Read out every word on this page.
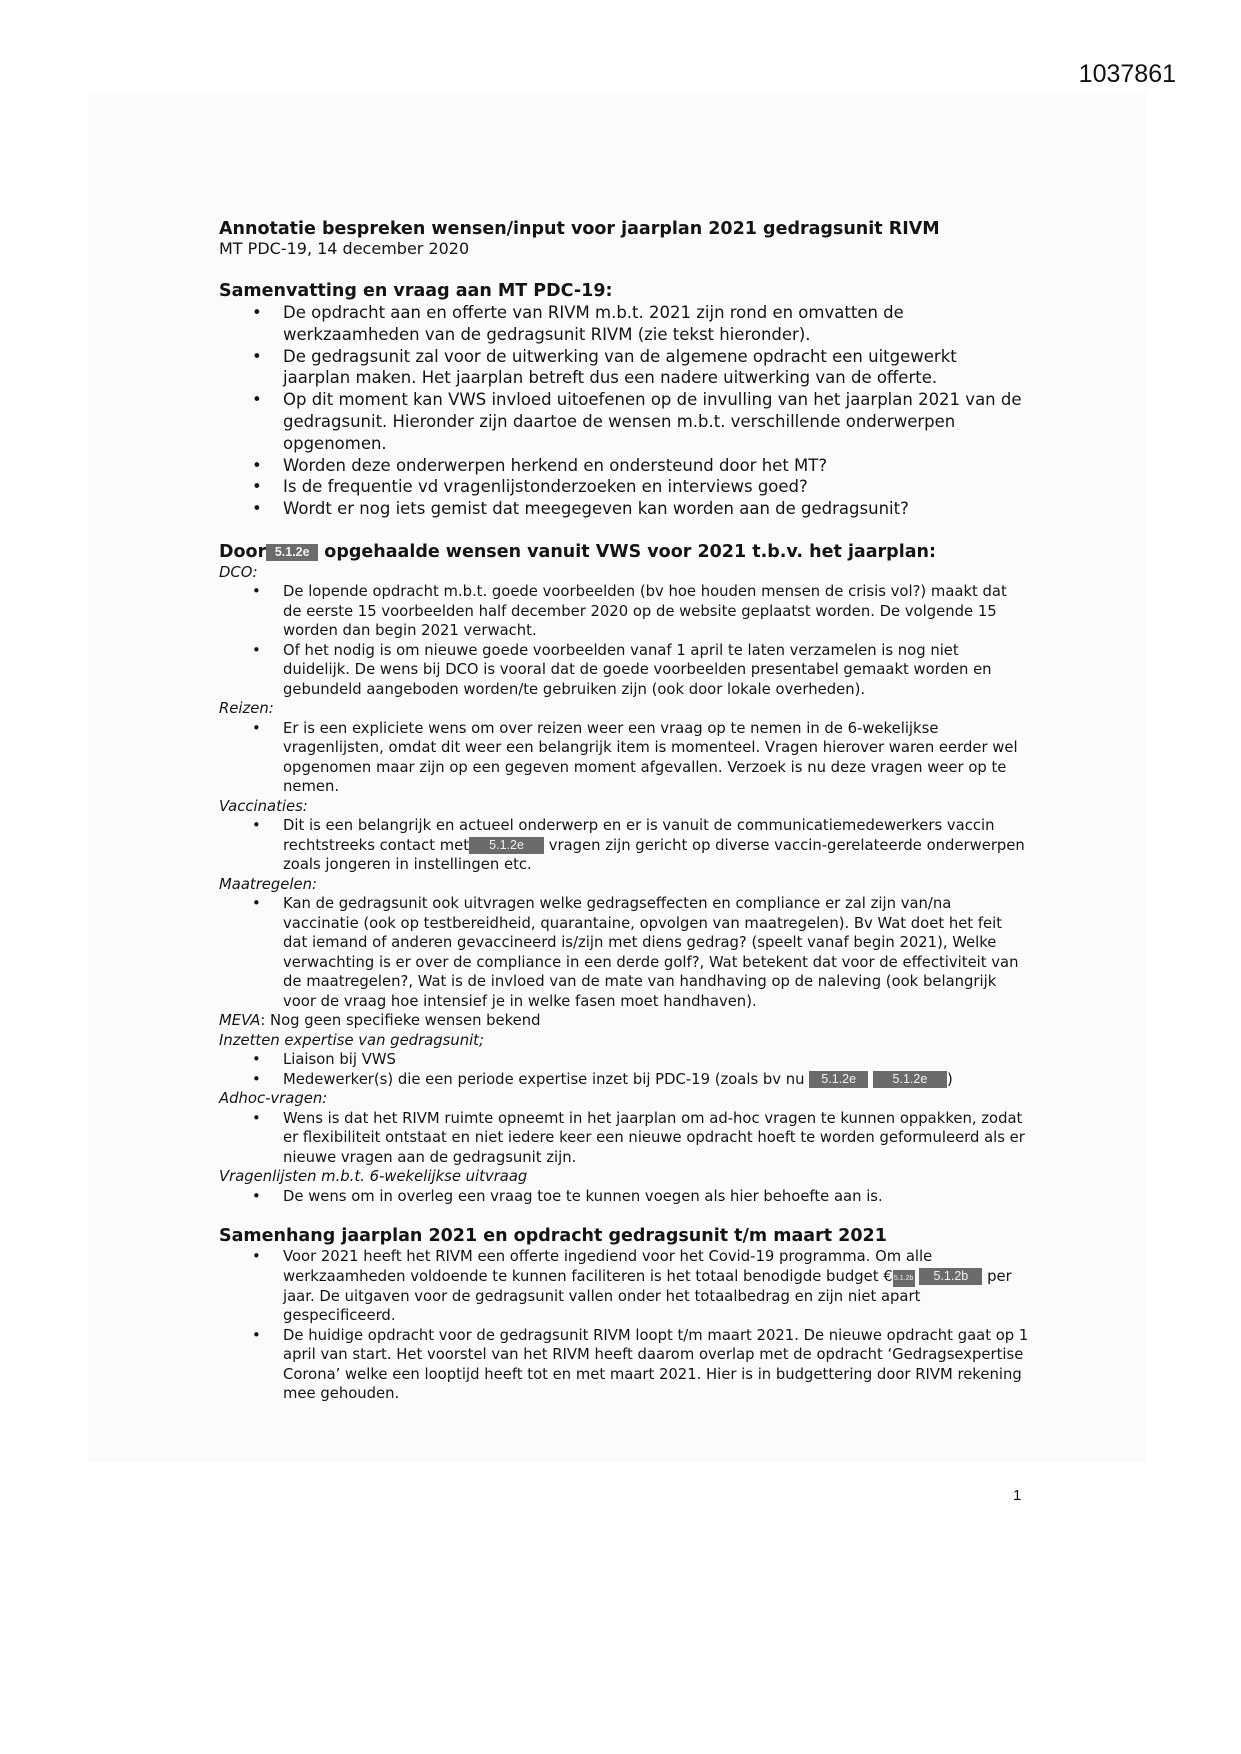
1037861
Annotatie bespreken wensen/input voor jaarplan 2021 gedragsunit RIVM
MT PDC-19, 14 december 2020
Samenvatting en vraag aan MT PDC-19:
• De opdracht aan en offerte van RIVM m.b.t. 2021 zijn rond en omvatten de werkzaamheden van de gedragsunit RIVM (zie tekst hieronder).
• De gedragsunit zal voor de uitwerking van de algemene opdracht een uitgewerkt jaarplan maken. Het jaarplan betreft dus een nadere uitwerking van de offerte.
• Op dit moment kan VWS invloed uitoefenen op de invulling van het jaarplan 2021 van de gedragsunit. Hieronder zijn daartoe de wensen m.b.t. verschillende onderwerpen opgenomen.
• Worden deze onderwerpen herkend en ondersteund door het MT?
• Is de frequentie vd vragenlijstonderzoeken en interviews goed?
• Wordt er nog iets gemist dat meegegeven kan worden aan de gedragsunit?
Door 5.1.2e opgehaalde wensen vanuit VWS voor 2021 t.b.v. het jaarplan:
DCO:
• De lopende opdracht m.b.t. goede voorbeelden (bv hoe houden mensen de crisis vol?) maakt dat de eerste 15 voorbeelden half december 2020 op de website geplaatst worden. De volgende 15 worden dan begin 2021 verwacht.
• Of het nodig is om nieuwe goede voorbeelden vanaf 1 april te laten verzamelen is nog niet duidelijk. De wens bij DCO is vooral dat de goede voorbeelden presentabel gemaakt worden en gebundeld aangeboden worden/te gebruiken zijn (ook door lokale overheden).
Reizen:
• Er is een expliciete wens om over reizen weer een vraag op te nemen in de 6-wekelijkse vragenlijsten, omdat dit weer een belangrijk item is momenteel. Vragen hierover waren eerder wel opgenomen maar zijn op een gegeven moment afgevallen. Verzoek is nu deze vragen weer op te nemen.
Vaccinaties:
• Dit is een belangrijk en actueel onderwerp en er is vanuit de communicatiemedewerkers vaccin rechtstreeks contact met 5.1.2e vragen zijn gericht op diverse vaccin-gerelateerde onderwerpen zoals jongeren in instellingen etc.
Maatregelen:
• Kan de gedragsunit ook uitvragen welke gedragseffecten en compliance er zal zijn van/na vaccinatie (ook op testbereidheid, quarantaine, opvolgen van maatregelen). Bv Wat doet het feit dat iemand of anderen gevaccineerd is/zijn met diens gedrag? (speelt vanaf begin 2021), Welke verwachting is er over de compliance in een derde golf?, Wat betekent dat voor de effectiviteit van de maatregelen?, Wat is de invloed van de mate van handhaving op de naleving (ook belangrijk voor de vraag hoe intensief je in welke fasen moet handhaven).
MEVA: Nog geen specifieke wensen bekend
Inzetten expertise van gedragsunit;
• Liaison bij VWS
• Medewerker(s) die een periode expertise inzet bij PDC-19 (zoals bv nu 5.1.2e	5.1.2e )
Adhoc-vragen:
• Wens is dat het RIVM ruimte opneemt in het jaarplan om ad-hoc vragen te kunnen oppakken, zodat er flexibiliteit ontstaat en niet iedere keer een nieuwe opdracht hoeft te worden geformuleerd als er nieuwe vragen aan de gedragsunit zijn.
Vragenlijsten m.b.t. 6-wekelijkse uitvraag
• De wens om in overleg een vraag toe te kunnen voegen als hier behoefte aan is.
Samenhang jaarplan 2021 en opdracht gedragsunit t/m maart 2021
• Voor 2021 heeft het RIVM een offerte ingediend voor het Covid-19 programma. Om alle werkzaamheden voldoende te kunnen faciliteren is het totaal benodigde budget €5.1.2b 5.1.2b per jaar. De uitgaven voor de gedragsunit vallen onder het totaalbedrag en zijn niet apart gespecificeerd.
• De huidige opdracht voor de gedragsunit RIVM loopt t/m maart 2021. De nieuwe opdracht gaat op 1 april van start. Het voorstel van het RIVM heeft daarom overlap met de opdracht ‘Gedragsexpertise Corona’ welke een looptijd heeft tot en met maart 2021. Hier is in budgettering door RIVM rekening mee gehouden.
1
